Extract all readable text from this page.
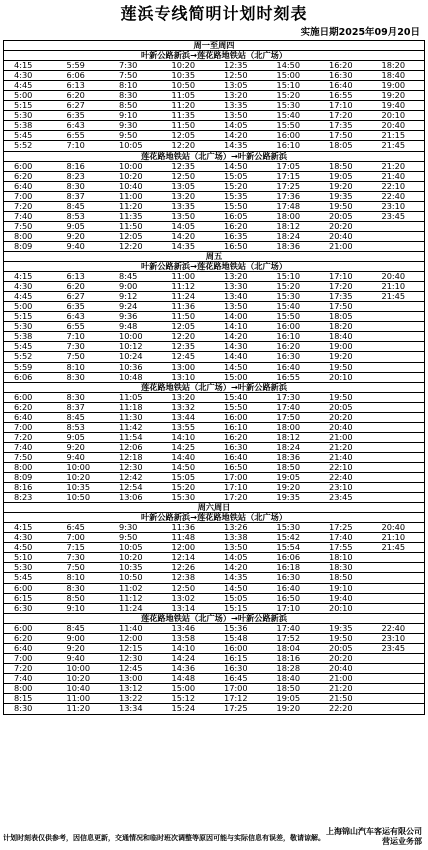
莲浜专线简明计划时刻表
实施日期2025年09月20日
周一至周四
叶新公路新浜→莲花路地铁站（北广场）
4:15	5:59	7:30	10:20	12:35	14:50	16:20	18:20
4:30	6:06	7:50	10:35	12:50	15:00	16:30	18:40
4:45	6:13	8:10	10:50	13:05	15:10	16:40	19:00
5:00	6:20	8:30	11:05	13:20	15:20	16:55	19:20
5:15	6:27	8:50	11:20	13:35	15:30	17:10	19:40
5:30	6:35	9:10	11:35	13:50	15:40	17:20	20:10
5:38	6:43	9:30	11:50	14:05	15:50	17:35	20:40
5:45	6:55	9:50	12:05	14:20	16:00	17:50	21:15
5:52	7:10	10:05	12:20	14:35	16:10	18:05	21:45
莲花路地铁站（北广场）→叶新公路新浜
6:00	8:16	10:00	12:35	14:50	17:05	18:50	21:20
6:20	8:23	10:20	12:50	15:05	17:15	19:05	21:40
6:40	8:30	10:40	13:05	15:20	17:25	19:20	22:10
7:00	8:37	11:00	13:20	15:35	17:36	19:35	22:40
7:20	8:45	11:20	13:35	15:50	17:48	19:50	23:10
7:40	8:53	11:35	13:50	16:05	18:00	20:05	23:45
7:50	9:05	11:50	14:05	16:20	18:12	20:20
8:00	9:20	12:05	14:20	16:35	18:24	20:40
8:09	9:40	12:20	14:35	16:50	18:36	21:00
周五
叶新公路新浜→莲花路地铁站（北广场）
4:15	6:13	8:45	11:00	13:20	15:10	17:10	20:40
4:30	6:20	9:00	11:12	13:30	15:20	17:20	21:10
4:45	6:27	9:12	11:24	13:40	15:30	17:35	21:45
5:00	6:35	9:24	11:36	13:50	15:40	17:50
5:15	6:43	9:36	11:50	14:00	15:50	18:05
5:30	6:55	9:48	12:05	14:10	16:00	18:20
5:38	7:10	10:00	12:20	14:20	16:10	18:40
5:45	7:30	10:12	12:35	14:30	16:20	19:00
5:52	7:50	10:24	12:45	14:40	16:30	19:20
5:59	8:10	10:36	13:00	14:50	16:40	19:50
6:06	8:30	10:48	13:10	15:00	16:55	20:10
莲花路地铁站（北广场）→叶新公路新浜
6:00	8:30	11:05	13:20	15:40	17:30	19:50
6:20	8:37	11:18	13:32	15:50	17:40	20:05
6:40	8:45	11:30	13:44	16:00	17:50	20:20
7:00	8:53	11:42	13:55	16:10	18:00	20:40
7:20	9:05	11:54	14:10	16:20	18:12	21:00
7:40	9:20	12:06	14:25	16:30	18:24	21:20
7:50	9:40	12:18	14:40	16:40	18:36	21:40
8:00	10:00	12:30	14:50	16:50	18:50	22:10
8:09	10:20	12:42	15:05	17:00	19:05	22:40
8:16	10:35	12:54	15:20	17:10	19:20	23:10
8:23	10:50	13:06	15:30	17:20	19:35	23:45
周六周日
叶新公路新浜→莲花路地铁站（北广场）
4:15	6:45	9:30	11:36	13:26	15:30	17:25	20:40
4:30	7:00	9:50	11:48	13:38	15:42	17:40	21:10
4:50	7:15	10:05	12:00	13:50	15:54	17:55	21:45
5:10	7:30	10:20	12:14	14:05	16:06	18:10
5:30	7:50	10:35	12:26	14:20	16:18	18:30
5:45	8:10	10:50	12:38	14:35	16:30	18:50
6:00	8:30	11:02	12:50	14:50	16:40	19:10
6:15	8:50	11:12	13:02	15:05	16:50	19:40
6:30	9:10	11:24	13:14	15:15	17:10	20:10
莲花路地铁站（北广场）→叶新公路新浜
6:00	8:45	11:40	13:46	15:36	17:40	19:35	22:40
6:20	9:00	12:00	13:58	15:48	17:52	19:50	23:10
6:40	9:20	12:15	14:10	16:00	18:04	20:05	23:45
7:00	9:40	12:30	14:24	16:15	18:16	20:20
7:20	10:00	12:45	14:36	16:30	18:28	20:40
7:40	10:20	13:00	14:48	16:45	18:40	21:00
8:00	10:40	13:12	15:00	17:00	18:50	21:20
8:15	11:00	13:22	15:12	17:12	19:05	21:50
8:30	11:20	13:34	15:24	17:25	19:20	22:20
计划时刻表仅供参考，因信息更新，交通情况和临时班次调整等原因可能与实际信息有误差，敬请谅解。
上海锦山汽车客运有限公司
营运业务部
